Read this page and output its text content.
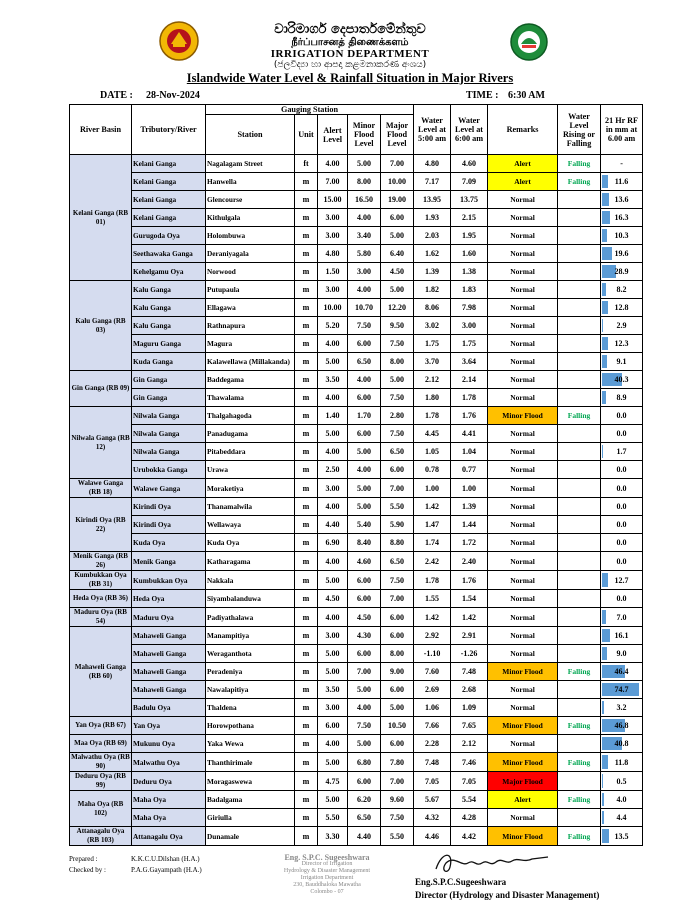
වාරිමාර්ග දෙපාර්තමේන්තුව
நீர்ப்பாசனத் திணைக்களம்
IRRIGATION DEPARTMENT
(ජලවිද්‍යා හා ආපදා කළමනාකරණ අංශය)
Islandwide Water Level & Rainfall Situation in Major Rivers
DATE : 28-Nov-2024	TIME : 6:30 AM
River Basin	Tributory/River	Gauging Station					Water Level at 5:00 am	Water Level at 6:00 am	Remarks	Water Level Rising or Falling	21 Hr RF in mm at 6.00 am
		Station	Unit	Alert Level	Minor Flood Level	Major Flood Level					
Kelani Ganga (RB 01)	Kelani Ganga	Nagalagam Street	ft	4.00	5.00	7.00	4.80	4.60	Alert	Falling	-
	Kelani Ganga	Hanwella	m	7.00	8.00	10.00	7.17	7.09	Alert	Falling	11.6
	Kelani Ganga	Glencourse	m	15.00	16.50	19.00	13.95	13.75	Normal		13.6
	Kelani Ganga	Kithulgala	m	3.00	4.00	6.00	1.93	2.15	Normal		16.3
	Gurugoda Oya	Holombuwa	m	3.00	3.40	5.00	2.03	1.95	Normal		10.3
	Seethawaka Ganga	Deraniyagala	m	4.80	5.80	6.40	1.62	1.60	Normal		19.6
	Kehelgamu Oya	Norwood	m	1.50	3.00	4.50	1.39	1.38	Normal		28.9
Kalu Ganga (RB 03)	Kalu Ganga	Putupaula	m	3.00	4.00	5.00	1.82	1.83	Normal		8.2
	Kalu Ganga	Ellagawa	m	10.00	10.70	12.20	8.06	7.98	Normal		12.8
	Kalu Ganga	Rathnapura	m	5.20	7.50	9.50	3.02	3.00	Normal		2.9
	Maguru Ganga	Magura	m	4.00	6.00	7.50	1.75	1.75	Normal		12.3
	Kuda Ganga	Kalawellawa (Millakanda)	m	5.00	6.50	8.00	3.70	3.64	Normal		9.1
Gin Ganga (RB 09)	Gin Ganga	Baddegama	m	3.50	4.00	5.00	2.12	2.14	Normal		40.3
	Gin Ganga	Thawalama	m	4.00	6.00	7.50	1.80	1.78	Normal		8.9
Nilwala Ganga (RB 12)	Nilwala Ganga	Thalgahagoda	m	1.40	1.70	2.80	1.78	1.76	Minor Flood	Falling	0.0
	Nilwala Ganga	Panadugama	m	5.00	6.00	7.50	4.45	4.41	Normal		0.0
	Nilwala Ganga	Pitabeddara	m	4.00	5.00	6.50	1.05	1.04	Normal		1.7
	Urubokka Ganga	Urawa	m	2.50	4.00	6.00	0.78	0.77	Normal		0.0
Walawe Ganga (RB 18)	Walawe Ganga	Moraketiya	m	3.00	5.00	7.00	1.00	1.00	Normal		0.0
Kirindi Oya (RB 22)	Kirindi Oya	Thanamalwila	m	4.00	5.00	5.50	1.42	1.39	Normal		0.0
	Kirindi Oya	Wellawaya	m	4.40	5.40	5.90	1.47	1.44	Normal		0.0
	Kuda Oya	Kuda Oya	m	6.90	8.40	8.80	1.74	1.72	Normal		0.0
Menik Ganga (RB 26)	Menik Ganga	Katharagama	m	4.00	4.60	6.50	2.42	2.40	Normal		0.0
Kumbukkan Oya (RB 31)	Kumbukkan Oya	Nakkala	m	5.00	6.00	7.50	1.78	1.76	Normal		12.7
Heda Oya (RB 36)	Heda Oya	Siyambalanduwa	m	4.50	6.00	7.00	1.55	1.54	Normal		0.0
Maduru Oya (RB 54)	Maduru Oya	Padiyathalawa	m	4.00	4.50	6.00	1.42	1.42	Normal		7.0
Mahaweli Ganga (RB 60)	Mahaweli Ganga	Manampitiya	m	3.00	4.30	6.00	2.92	2.91	Normal		16.1
	Mahaweli Ganga	Weraganthota	m	5.00	6.00	8.00	-1.10	-1.26	Normal		9.0
	Mahaweli Ganga	Peradeniya	m	5.00	7.00	9.00	7.60	7.48	Minor Flood	Falling	46.4
	Mahaweli Ganga	Nawalapitiya	m	3.50	5.00	6.00	2.69	2.68	Normal		74.7
	Badulu Oya	Thaldena	m	3.00	4.00	5.00	1.06	1.09	Normal		3.2
Yan Oya (RB 67)	Yan Oya	Horowpothana	m	6.00	7.50	10.50	7.66	7.65	Minor Flood	Falling	46.8
Maa Oya (RB 69)	Mukunu Oya	Yaka Wewa	m	4.00	5.00	6.00	2.28	2.12	Normal		40.8
Malwathu Oya (RB 90)	Malwathu Oya	Thanthirimale	m	5.00	6.80	7.80	7.48	7.46	Minor Flood	Falling	11.8
Deduru Oya (RB 99)	Deduru Oya	Moragaswewa	m	4.75	6.00	7.00	7.05	7.05	Major Flood		0.5
Maha Oya (RB 102)	Maha Oya	Badalgama	m	5.00	6.20	9.60	5.67	5.54	Alert	Falling	4.0
	Maha Oya	Giriulla	m	5.50	6.50	7.50	4.32	4.28	Normal		4.4
Attanagalu Oya (RB 103)	Attanagalu Oya	Dunamale	m	3.30	4.40	5.50	4.46	4.42	Minor Flood	Falling	13.5
Prepared :	K.K.C.U.Dilshan (H.A.)
Checked by :	P.A.G.Gayampath (H.A.)
Eng. S.P.C. Sugeeshwara
Director of Irrigation
Hydrology & Disaster Management
Irrigation Department
230, Bauddhaloka Mawatha
Colombo - 07
Eng.S.P.C.Sugeeshwara
Director (Hydrology and Disaster Management)
